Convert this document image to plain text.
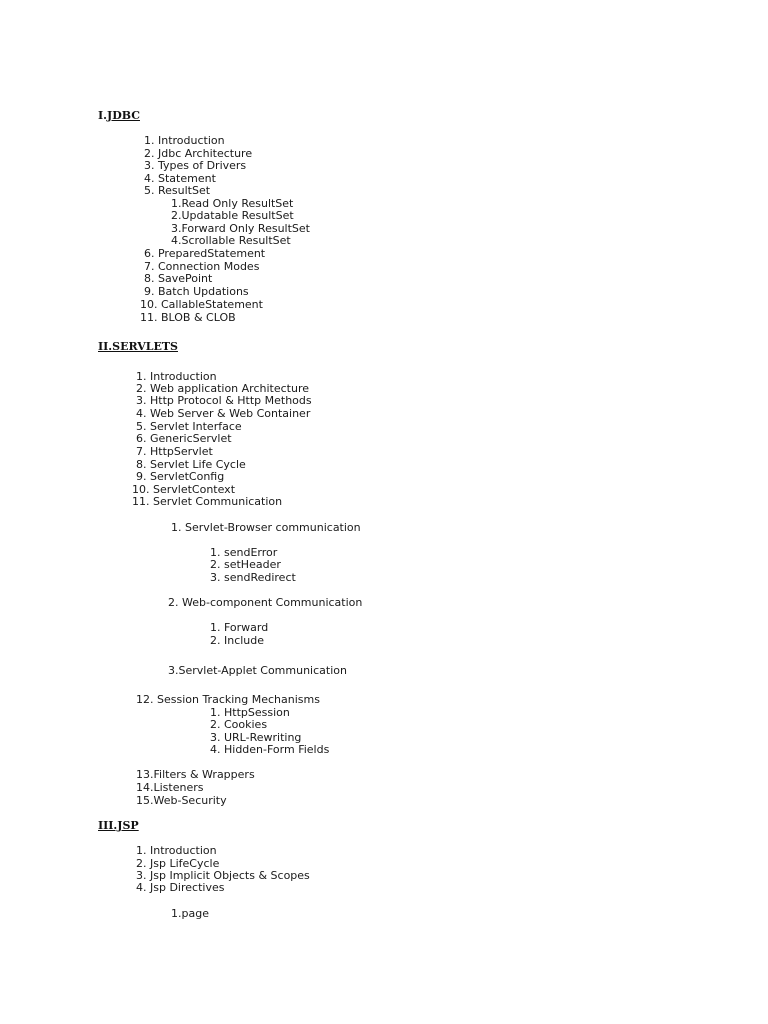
I.JDBC
1. Introduction
2. Jdbc Architecture
3. Types of Drivers
4. Statement
5. ResultSet
1.Read Only ResultSet
2.Updatable ResultSet
3.Forward Only ResultSet
4.Scrollable ResultSet
6. PreparedStatement
7. Connection Modes
8. SavePoint
9. Batch Updations
10. CallableStatement
11. BLOB & CLOB
II.SERVLETS
1. Introduction
2. Web application Architecture
3. Http Protocol & Http Methods
4. Web Server & Web Container
5. Servlet Interface
6. GenericServlet
7. HttpServlet
8. Servlet Life Cycle
9. ServletConfig
10. ServletContext
11. Servlet Communication
1. Servlet-Browser communication
1. sendError
2. setHeader
3. sendRedirect
2. Web-component Communication
1. Forward
2. Include
3.Servlet-Applet Communication
12. Session Tracking Mechanisms
1. HttpSession
2. Cookies
3. URL-Rewriting
4. Hidden-Form Fields
13.Filters & Wrappers
14.Listeners
15.Web-Security
III.JSP
1. Introduction
2. Jsp LifeCycle
3. Jsp Implicit Objects & Scopes
4. Jsp Directives
1.page
